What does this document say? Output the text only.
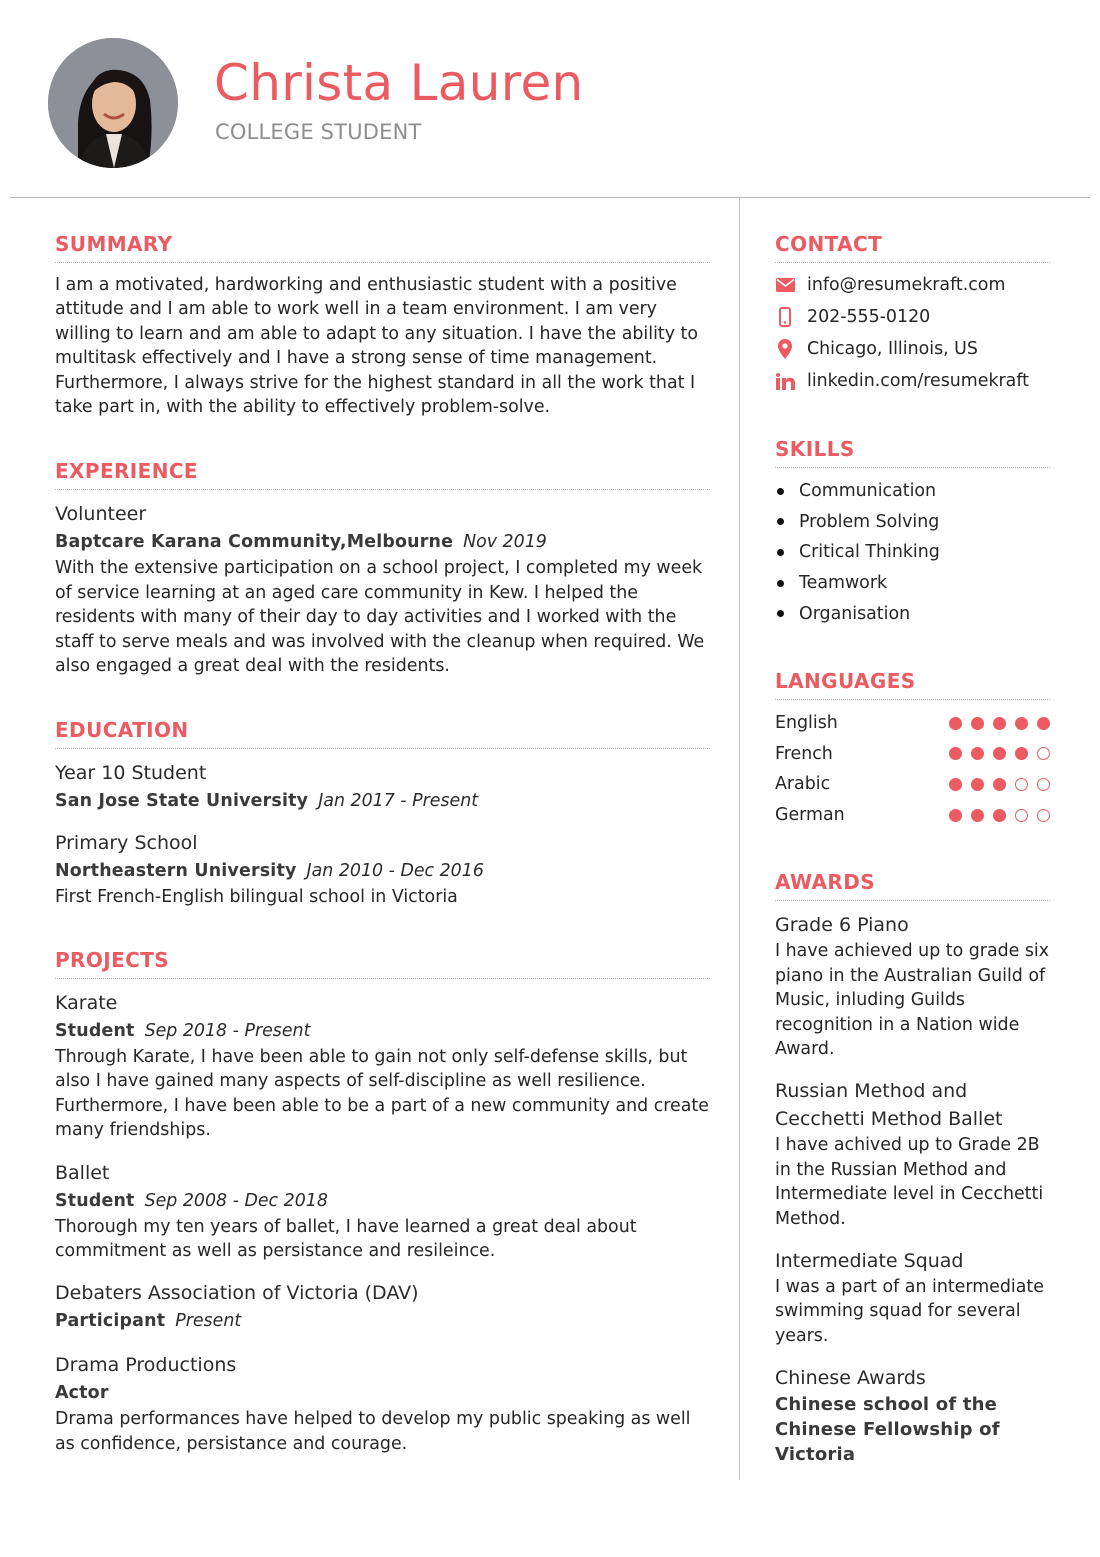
Christa Lauren

COLLEGE STUDENT

SUMMARY

I am a motivated, hardworking and enthusiastic student with a positive attitude and I am able to work well in a team environment. I am very willing to learn and am able to adapt to any situation. I have the ability to multitask effectively and I have a strong sense of time management. Furthermore, I always strive for the highest standard in all the work that I take part in, with the ability to effectively problem-solve.

EXPERIENCE

Volunteer

Baptcare Karana Community,Melbourne Nov 2019

With the extensive participation on a school project, I completed my week of service learning at an aged care community in Kew. I helped the residents with many of their day to day activities and I worked with the staff to serve meals and was involved with the cleanup when required. We also engaged a great deal with the residents.

EDUCATION

Year 10 Student

San Jose State University Jan 2017 - Present

Primary School

Northeastern University Jan 2010 - Dec 2016

First French-English bilingual school in Victoria

PROJECTS

Karate

Student Sep 2018 - Present

Through Karate, I have been able to gain not only self-defense skills, but also I have gained many aspects of self-discipline as well resilience. Furthermore, I have been able to be a part of a new community and create many friendships.

Ballet

Student Sep 2008 - Dec 2018

Thorough my ten years of ballet, I have learned a great deal about commitment as well as persistance and resileince.

Debaters Association of Victoria (DAV)

Participant Present

Drama Productions

Actor

Drama performances have helped to develop my public speaking as well as confidence, persistance and courage.

CONTACT
info@resumekraft.com
202-555-0120
Chicago, Illinois, US
linkedin.com/resumekraft
SKILLS
Communication
Problem Solving
Critical Thinking
Teamwork
Organisation
LANGUAGES
English
French
Arabic
German
AWARDS

Grade 6 Piano

I have achieved up to grade six piano in the Australian Guild of Music, inluding Guilds recognition in a Nation wide Award.

Russian Method and Cecchetti Method Ballet

I have achived up to Grade 2B in the Russian Method and Intermediate level in Cecchetti Method.

Intermediate Squad

I was a part of an intermediate swimming squad for several years.

Chinese Awards

Chinese school of the Chinese Fellowship of Victoria
